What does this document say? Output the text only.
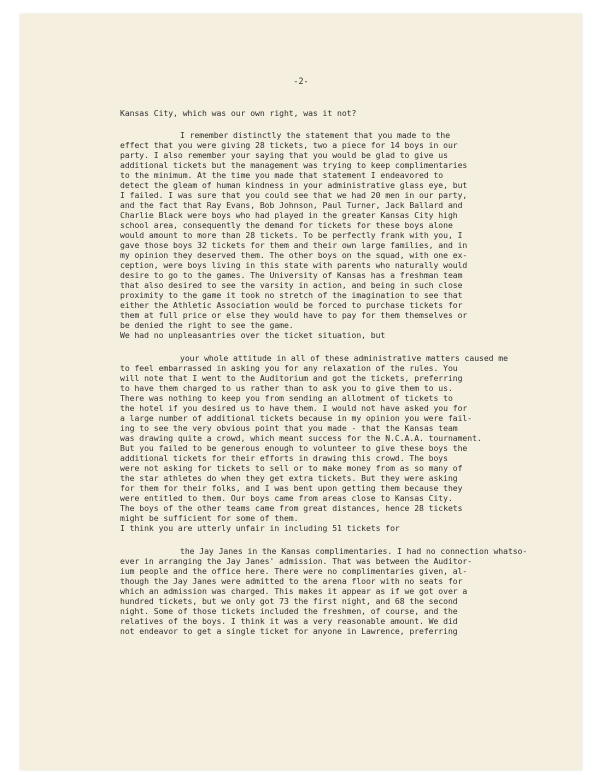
-2-
Kansas City, which was our own right, was it not?
I remember distinctly the statement that you made to the
effect that you were giving 28 tickets, two a piece for 14 boys in our
party. I also remember your saying that you would be glad to give us
additional tickets but the management was trying to keep complimentaries
to the minimum. At the time you made that statement I endeavored to
detect the gleam of human kindness in your administrative glass eye, but
I failed. I was sure that you could see that we had 20 men in our party,
and the fact that Ray Evans, Bob Johnson, Paul Turner, Jack Ballard and
Charlie Black were boys who had played in the greater Kansas City high
school area, consequently the demand for tickets for these boys alone
would amount to more than 28 tickets. To be perfectly frank with you, I
gave those boys 32 tickets for them and their own large families, and in
my opinion they deserved them. The other boys on the squad, with one ex-
ception, were boys living in this state with parents who naturally would
desire to go to the games. The University of Kansas has a freshman team
that also desired to see the varsity in action, and being in such close
proximity to the game it took no stretch of the imagination to see that
either the Athletic Association would be forced to purchase tickets for
them at full price or else they would have to pay for them themselves or
be denied the right to see the game.
We had no unpleasantries over the ticket situation, but
your whole attitude in all of these administrative matters caused me
to feel embarrassed in asking you for any relaxation of the rules. You
will note that I went to the Auditorium and got the tickets, preferring
to have them charged to us rather than to ask you to give them to us.
There was nothing to keep you from sending an allotment of tickets to
the hotel if you desired us to have them. I would not have asked you for
a large number of additional tickets because in my opinion you were fail-
ing to see the very obvious point that you made - that the Kansas team
was drawing quite a crowd, which meant success for the N.C.A.A. tournament.
But you failed to be generous enough to volunteer to give these boys the
additional tickets for their efforts in drawing this crowd. The boys
were not asking for tickets to sell or to make money from as so many of
the star athletes do when they get extra tickets. But they were asking
for them for their folks, and I was bent upon getting them because they
were entitled to them. Our boys came from areas close to Kansas City.
The boys of the other teams came from great distances, hence 28 tickets
might be sufficient for some of them.
I think you are utterly unfair in including 51 tickets for
the Jay Janes in the Kansas complimentaries. I had no connection whatso-
ever in arranging the Jay Janes' admission. That was between the Auditor-
ium people and the office here. There were no complimentaries given, al-
though the Jay Janes were admitted to the arena floor with no seats for
which an admission was charged. This makes it appear as if we got over a
hundred tickets, but we only got 73 the first night, and 68 the second
night. Some of those tickets included the freshmen, of course, and the
relatives of the boys. I think it was a very reasonable amount. We did
not endeavor to get a single ticket for anyone in Lawrence, preferring
